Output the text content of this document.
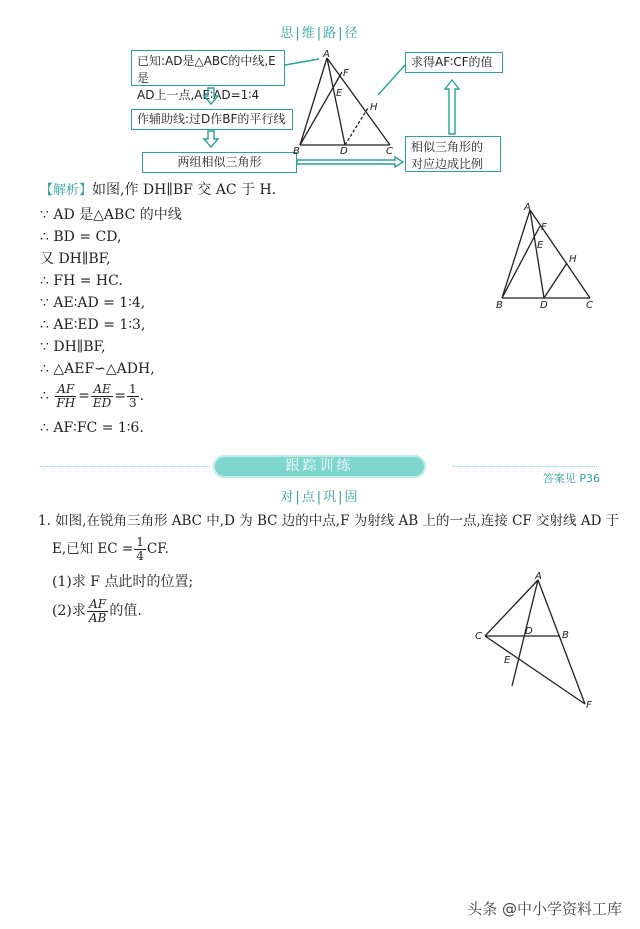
思|维|路|径
已知:AD是△ABC的中线,E是
AD上一点,AE∶AD=1∶4
作辅助线:过D作BF的平行线
两组相似三角形
求得AF∶CF的值
相似三角形的
对应边成比例
A
F
E
H
B	D	C
【解析】如图,作 DH∥BF 交 AC 于 H.
∵ AD 是△ABC 的中线
∴ BD = CD,
又 DH∥BF,
∴ FH = HC.
∵ AE∶AD = 1∶4,
∴ AE∶ED = 1∶3,
∵ DH∥BF,
∴ △AEF∽△ADH,
∴ $\frac{AF}{FH} = \frac{AE}{ED} = \frac{1}{3}$ .
∴ AF∶FC = 1∶6.
A
F
E
H
B	D	C
跟踪训练
答案见 P36
对|点|巩|固
1. 如图,在锐角三角形 ABC 中,D 为 BC 边的中点,F 为射线 AB 上的一点,连接 CF 交射线 AD 于
E,已知 EC = $\frac{1}{4}$ CF.
(1)求 F 点此时的位置;
(2)求 $\frac{AF}{AB}$ 的值.
A
C	D	B
E
F
头条 @中小学资料工库
